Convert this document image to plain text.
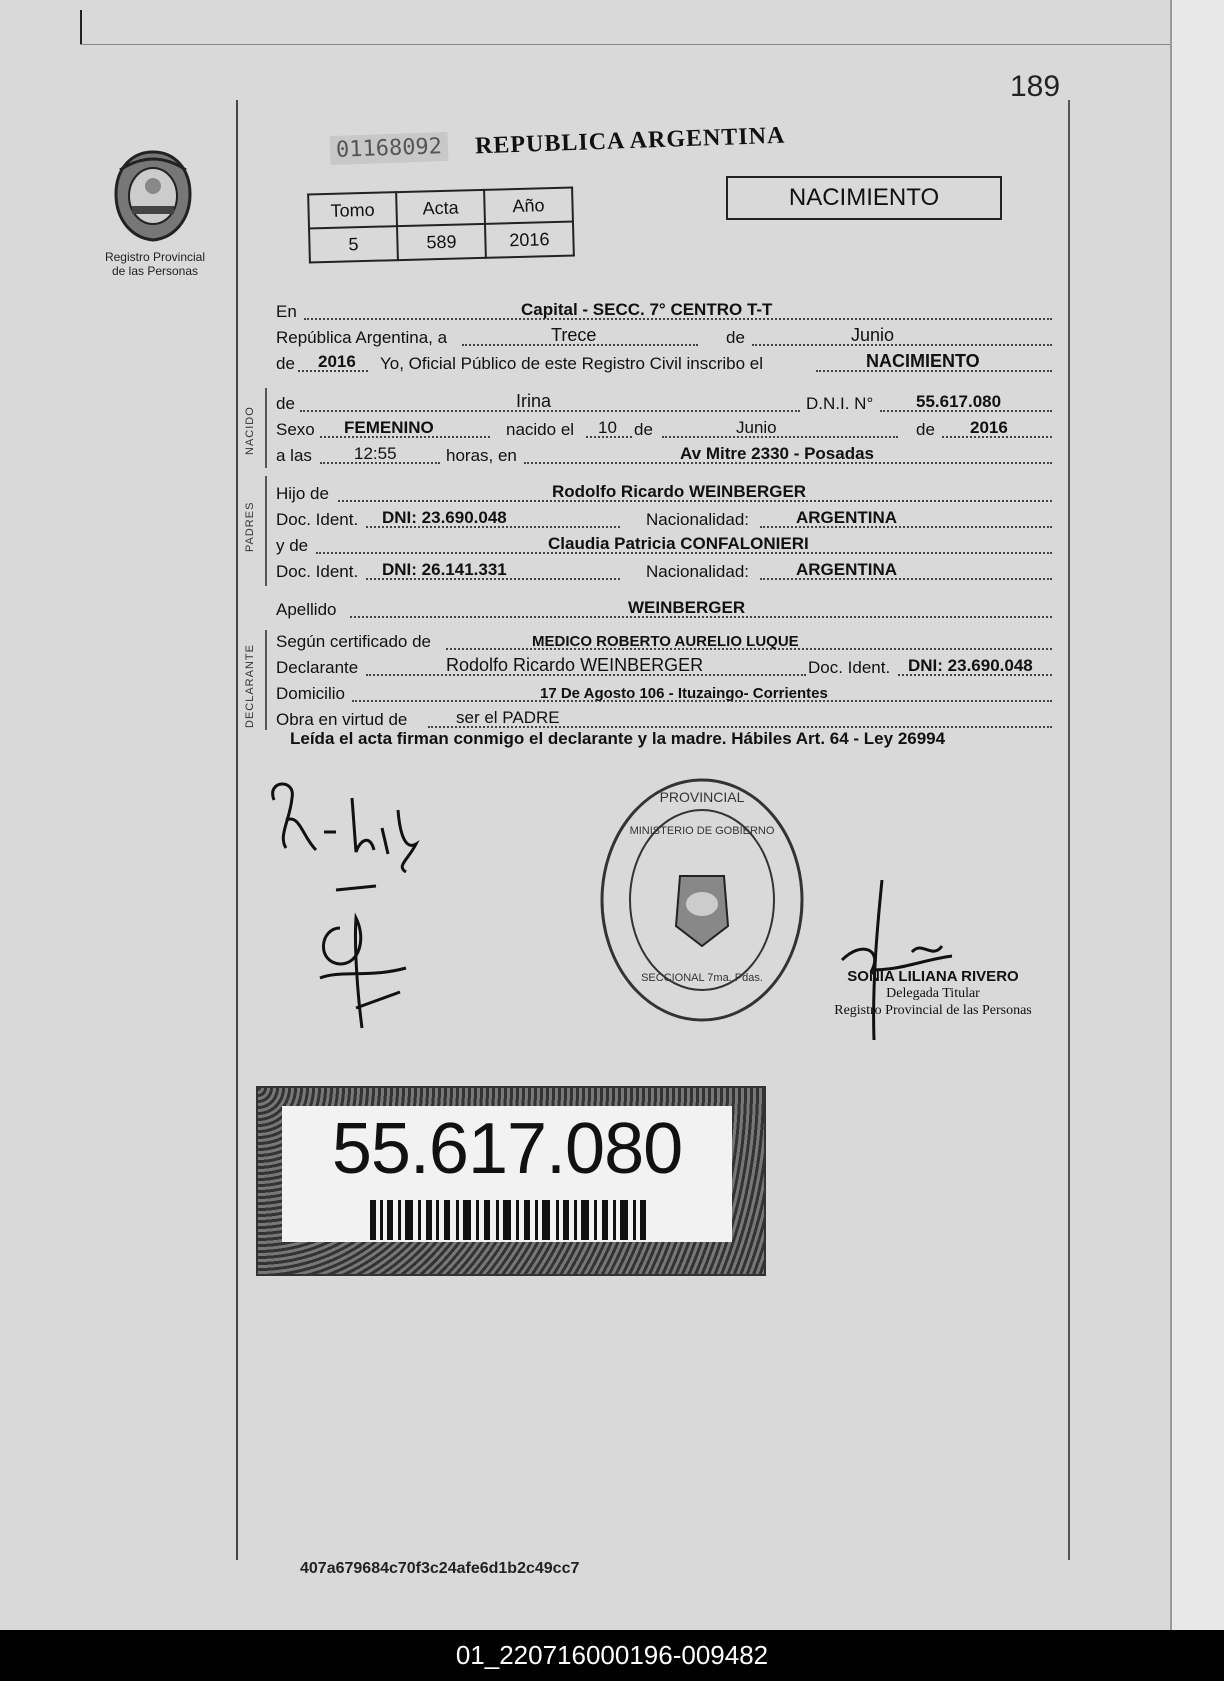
189
01168092 REPUBLICA ARGENTINA
NACIMIENTO
Registro Provincial
de las Personas
Tomo	Acta	Año
5	589	2016
En	Capital - SECC. 7° CENTRO T-T
República Argentina, a	Trece	de	Junio
de 2016 Yo, Oficial Público de este Registro Civil inscribo el	NACIMIENTO
NACIDO
de	Irina	D.N.I. N°	55.617.080
Sexo FEMENINO	nacido el 10 de	Junio	de 2016
a las 12:55	horas, en	Av Mitre 2330 - Posadas
PADRES
Hijo de	Rodolfo Ricardo WEINBERGER
Doc. Ident. DNI: 23.690.048	Nacionalidad:	ARGENTINA
y de	Claudia Patricia CONFALONIERI
Doc. Ident. DNI: 26.141.331	Nacionalidad:	ARGENTINA
Apellido	WEINBERGER
DECLARANTE
Según certificado de	MEDICO ROBERTO AURELIO LUQUE
Declarante	Rodolfo Ricardo WEINBERGER	Doc. Ident. DNI: 23.690.048
Domicilio	17 De Agosto 106 - Ituzaingo- Corrientes
Obra en virtud de	ser el PADRE
Leída el acta firman conmigo el declarante y la madre. Hábiles Art. 64 - Ley 26994
PROVINCIAL
MINISTERIO DE GOBIERNO
SECCIONAL 7ma. Pdas.	SONIA LILIANA RIVERO
Delegada Titular
Registro Provincial de las Personas
55.617.080
407a679684c70f3c24afe6d1b2c49cc7
01_220716000196-009482
